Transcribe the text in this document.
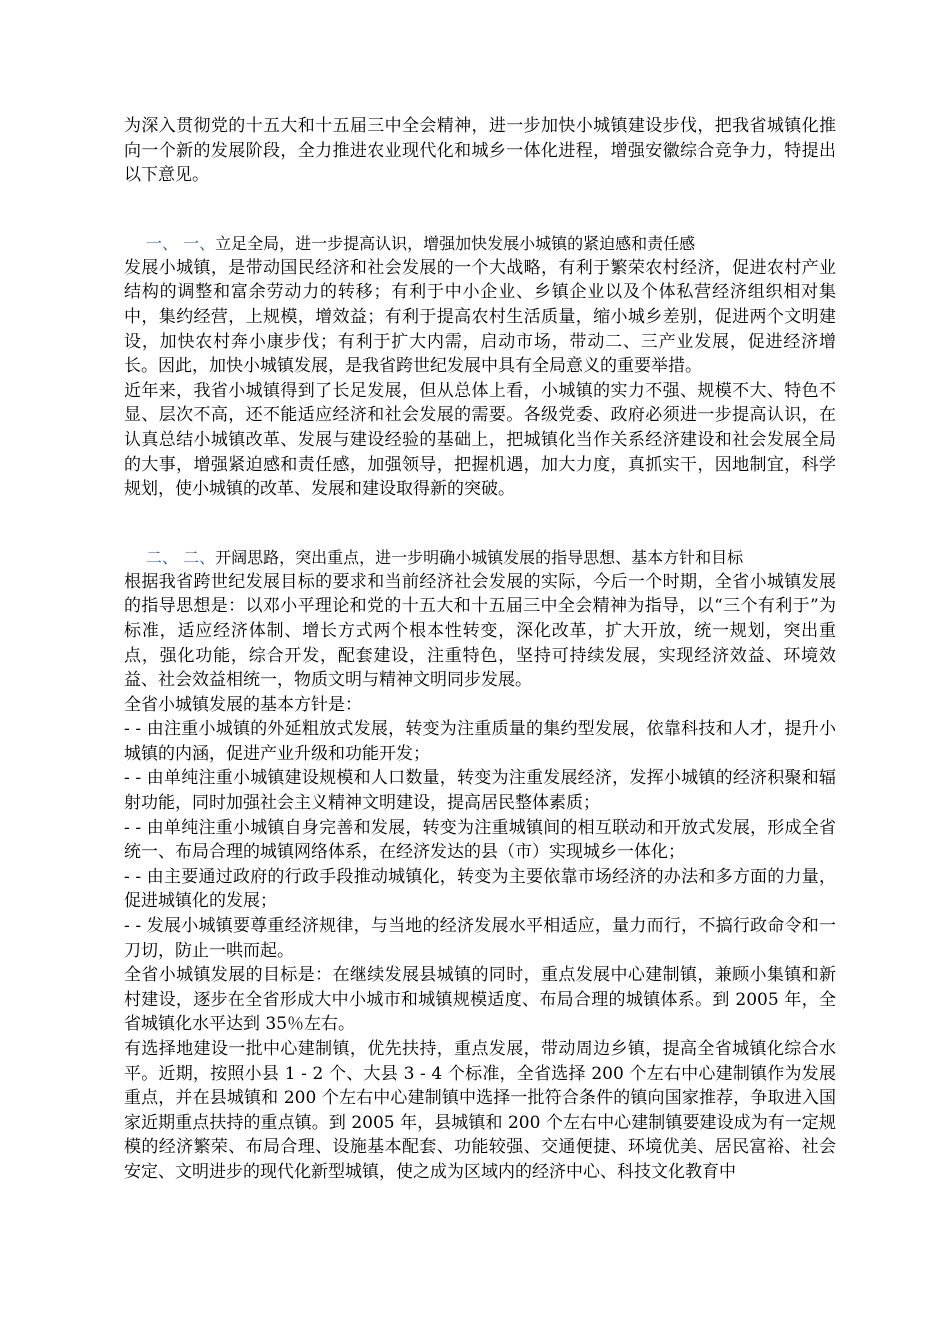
为深入贯彻党的十五大和十五届三中全会精神，进一步加快小城镇建设步伐，把我省城镇化推向一个新的发展阶段，全力推进农业现代化和城乡一体化进程，增强安徽综合竞争力，特提出以下意见。

一、 一、立足全局，进一步提高认识，增强加快发展小城镇的紧迫感和责任感

发展小城镇，是带动国民经济和社会发展的一个大战略，有利于繁荣农村经济，促进农村产业结构的调整和富余劳动力的转移；有利于中小企业、乡镇企业以及个体私营经济组织相对集中，集约经营，上规模，增效益；有利于提高农村生活质量，缩小城乡差别，促进两个文明建设，加快农村奔小康步伐；有利于扩大内需，启动市场，带动二、三产业发展，促进经济增长。因此，加快小城镇发展，是我省跨世纪发展中具有全局意义的重要举措。

近年来，我省小城镇得到了长足发展，但从总体上看，小城镇的实力不强、规模不大、特色不显、层次不高，还不能适应经济和社会发展的需要。各级党委、政府必须进一步提高认识，在认真总结小城镇改革、发展与建设经验的基础上，把城镇化当作关系经济建设和社会发展全局的大事，增强紧迫感和责任感，加强领导，把握机遇，加大力度，真抓实干，因地制宜，科学规划，使小城镇的改革、发展和建设取得新的突破。

二、 二、开阔思路，突出重点，进一步明确小城镇发展的指导思想、基本方针和目标

根据我省跨世纪发展目标的要求和当前经济社会发展的实际，今后一个时期，全省小城镇发展的指导思想是：以邓小平理论和党的十五大和十五届三中全会精神为指导，以“三个有利于”为标准，适应经济体制、增长方式两个根本性转变，深化改革，扩大开放，统一规划，突出重点，强化功能，综合开发，配套建设，注重特色，坚持可持续发展，实现经济效益、环境效益、社会效益相统一，物质文明与精神文明同步发展。

全省小城镇发展的基本方针是：

- - 由注重小城镇的外延粗放式发展，转变为注重质量的集约型发展，依靠科技和人才，提升小城镇的内涵，促进产业升级和功能开发；

- - 由单纯注重小城镇建设规模和人口数量，转变为注重发展经济，发挥小城镇的经济积聚和辐射功能，同时加强社会主义精神文明建设，提高居民整体素质；

- - 由单纯注重小城镇自身完善和发展，转变为注重城镇间的相互联动和开放式发展，形成全省统一、布局合理的城镇网络体系，在经济发达的县（市）实现城乡一体化；

- - 由主要通过政府的行政手段推动城镇化，转变为主要依靠市场经济的办法和多方面的力量，促进城镇化的发展；

- - 发展小城镇要尊重经济规律，与当地的经济发展水平相适应，量力而行，不搞行政命令和一刀切，防止一哄而起。

全省小城镇发展的目标是：在继续发展县城镇的同时，重点发展中心建制镇，兼顾小集镇和新村建设，逐步在全省形成大中小城市和城镇规模适度、布局合理的城镇体系。到 2005 年，全省城镇化水平达到 35％左右。

有选择地建设一批中心建制镇，优先扶持，重点发展，带动周边乡镇，提高全省城镇化综合水平。近期，按照小县 1 - 2 个、大县 3 - 4 个标准，全省选择 200 个左右中心建制镇作为发展重点，并在县城镇和 200 个左右中心建制镇中选择一批符合条件的镇向国家推荐，争取进入国家近期重点扶持的重点镇。到 2005 年，县城镇和 200 个左右中心建制镇要建设成为有一定规模的经济繁荣、布局合理、设施基本配套、功能较强、交通便捷、环境优美、居民富裕、社会安定、文明进步的现代化新型城镇，使之成为区域内的经济中心、科技文化教育中
